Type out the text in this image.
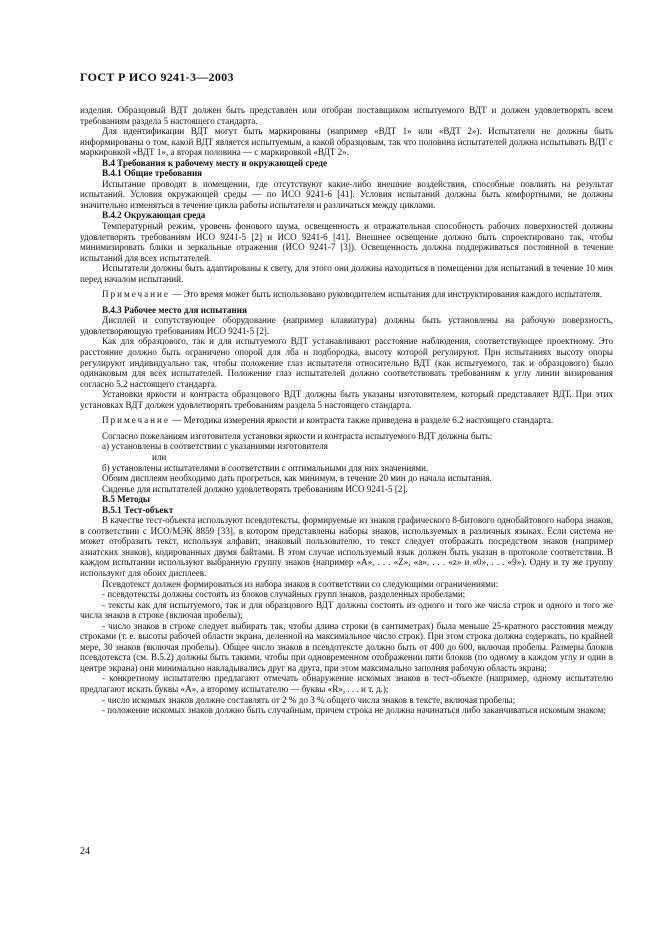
ГОСТ Р ИСО 9241-3—2003

изделия. Образцовый ВДТ должен быть представлен или отобран поставщиком испытуемого ВДТ и должен удовлетворять всем требованиям раздела 5 настоящего стандарта.

Для идентификации ВДТ могут быть маркированы (например «ВДТ 1» или «ВДТ 2»). Испытатели не должны быть информированы о том, какой ВДТ является испытуемым, а какой образцовым, так что половина испытателей должна испытывать ВДТ с маркировкой «ВДТ 1», а вторая половина — с маркировкой «ВДТ 2».

В.4 Требования к рабочему месту и окружающей среде

В.4.1 Общие требования

Испытание проводят в помещении, где отсутствуют какие-либо внешние воздействия, способные повлиять на результат испытаний. Условия окружающей среды — по ИСО 9241-6 [41]. Условия испытаний должны быть комфортными, не должны значительно изменяться в течение цикла работы испытателя и различаться между циклами.

В.4.2 Окружающая среда

Температурный режим, уровень фонового шума, освещенность и отражательная способность рабочих поверхностей должны удовлетворять требованиям ИСО 9241-5 [2] и ИСО 9241-6 [41]. Внешнее освещение должно быть спроектировано так, чтобы минимизировать блики и зеркальные отражения (ИСО 9241-7 [3]). Освещенность должна поддерживаться постоянной в течение испытаний для всех испытателей.

Испытатели должны быть адаптированы к свету, для этого они должны находиться в помещении для испытаний в течение 10 мин перед началом испытаний.

Примечание — Это время может быть использовано руководителем испытания для инструктирования каждого испытателя.

В.4.3 Рабочее место для испытания

Дисплей и сопутствующее оборудование (например клавиатура) должны быть установлены на рабочую поверхность, удовлетворяющую требованиям ИСО 9241-5 [2].

Как для образцового, так и для испытуемого ВДТ устанавливают расстояние наблюдения, соответствующее проектному. Это расстояние должно быть ограничено опорой для лба и подбородка, высоту которой регулируют. При испытаниях высоту опоры регулируют индивидуально так, чтобы положение глаз испытателя относительно ВДТ (как испытуемого, так и образцового) было одинаковым для всех испытателей. Положение глаз испытателей должно соответствовать требованиям к углу линии визирования согласно 5.2 настоящего стандарта.

Установки яркости и контраста образцового ВДТ должны быть указаны изготовителем, который представляет ВДТ. При этих установках ВДТ должен удовлетворять требованиям раздела 5 настоящего стандарта.

Примечание — Методика измерения яркости и контраста также приведена в разделе 6.2 настоящего стандарта.

Согласно пожеланиям изготовителя установки яркости и контраста испытуемого ВДТ должны быть:

а) установлены в соответствии с указаниями изготовителя

или

б) установлены испытателями в соответствии с оптимальными для них значениями.

Обоим дисплеям необходимо дать прогреться, как минимум, в течение 20 мин до начала испытания.

Сиденье для испытателей должно удовлетворять требованиям ИСО 9241-5 [2].

В.5 Методы

В.5.1 Тест-объект

В качестве тест-объекта используют псевдотексты, формируемые из знаков графического 8-битового однобайтового набора знаков, в соответствии с ИСО/МЭК 8859 [33], в котором представлены наборы знаков, используемых в различных языках. Если система не может отобразить текст, используя алфавит, знаковый пользователю, то текст следует отображать посредством знаков (например азиатских знаков), кодированных двумя байтами. В этом случае используемый язык должен быть указан в протоколе соответствия. В каждом испытании используют выбранную группу знаков (например «А», . . . «Z», «а», . . . «z» и «0», . . . «9»). Одну и ту же группу используют для обоих дисплеев.

Псевдотекст должен формироваться из набора знаков в соответствии со следующими ограничениями:

- псевдотексты должны состоять из блоков случайных групп знаков, разделенных пробелами;

- тексты как для испытуемого, так и для образцового ВДТ должны состоять из одного и того же числа строк и одного и того же числа знаков в строке (включая пробелы);

- число знаков в строке следует выбирать так, чтобы длина строки (в сантиметрах) была меньше 25-кратного расстояния между строками (т. е. высоты рабочей области экрана, деленной на максимальное число строк). При этом строка должна содержать, по крайней мере, 30 знаков (включая пробелы). Общее число знаков в псевдотексте должно быть от 400 до 600, включая пробелы. Размеры блоков псевдотекста (см. В.5.2) должны быть такими, чтобы при одновременном отображении пяти блоков (по одному в каждом углу и один в центре экрана) они минимально накладывались друг на друга, при этом максимально заполняя рабочую область экрана;

- конкретному испытателю предлагают отмечать обнаружение искомых знаков в тест-объекте (например, одному испытателю предлагают искать буквы «А», а второму испытателю — буквы «R», . . . и т. д.);

- число искомых знаков должно составлять от 2 % до 3 % общего числа знаков в тексте, включая пробелы;

- положение искомых знаков должно быть случайным, причем строка не должна начинаться либо заканчиваться искомым знаком;

24
